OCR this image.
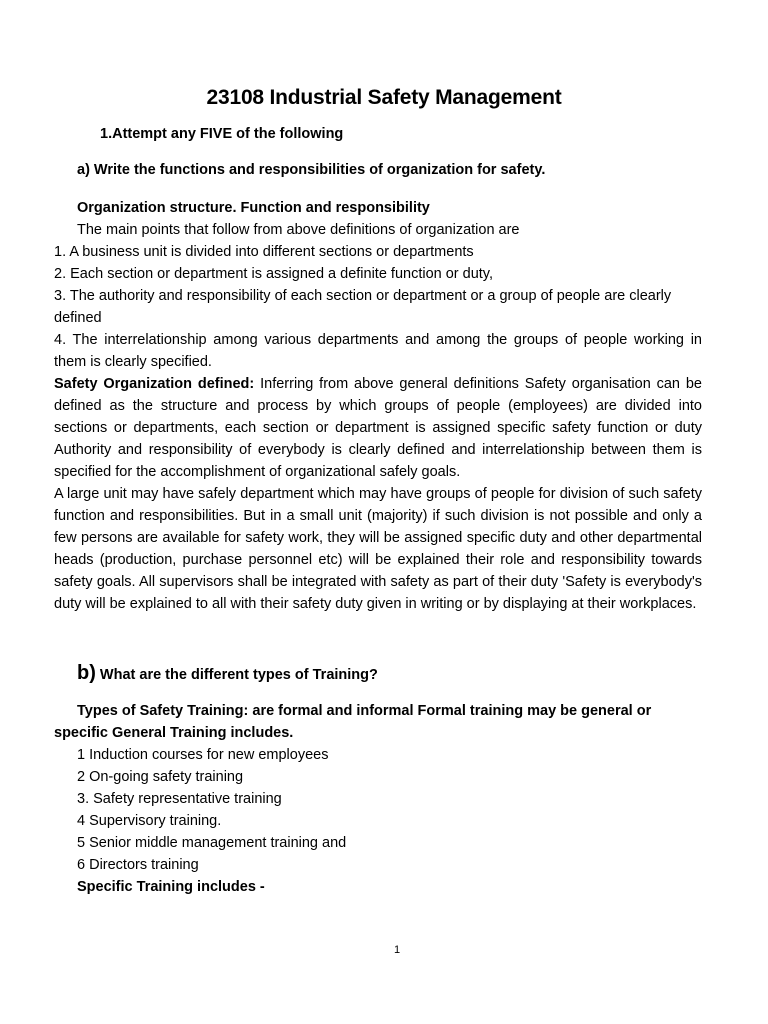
23108 Industrial Safety Management
1.Attempt any FIVE of the following
a) Write the functions and responsibilities of organization for safety.

Organization structure. Function and responsibility

The main points that follow from above definitions of organization are

1. A business unit is divided into different sections or departments

2. Each section or department is assigned a definite function or duty,

3. The authority and responsibility of each section or department or a group of people are clearly defined

4. The interrelationship among various departments and among the groups of people working in them is clearly specified.

Safety Organization defined: Inferring from above general definitions Safety organisation can be defined as the structure and process by which groups of people (employees) are divided into sections or departments, each section or department is assigned specific safety function or duty Authority and responsibility of everybody is clearly defined and interrelationship between them is specified for the accomplishment of organizational safely goals.

A large unit may have safely department which may have groups of people for division of such safety function and responsibilities. But in a small unit (majority) if such division is not possible and only a few persons are available for safety work, they will be assigned specific duty and other departmental heads (production, purchase personnel etc) will be explained their role and responsibility towards safety goals. All supervisors shall be integrated with safety as part of their duty 'Safety is everybody's duty will be explained to all with their safety duty given in writing or by displaying at their workplaces.

b) What are the different types of Training?

Types of Safety Training: are formal and informal Formal training may be general or specific General Training includes.

1 Induction courses for new employees

2 On-going safety training

3. Safety representative training

4 Supervisory training.

5 Senior middle management training and

6 Directors training

Specific Training includes -

1
